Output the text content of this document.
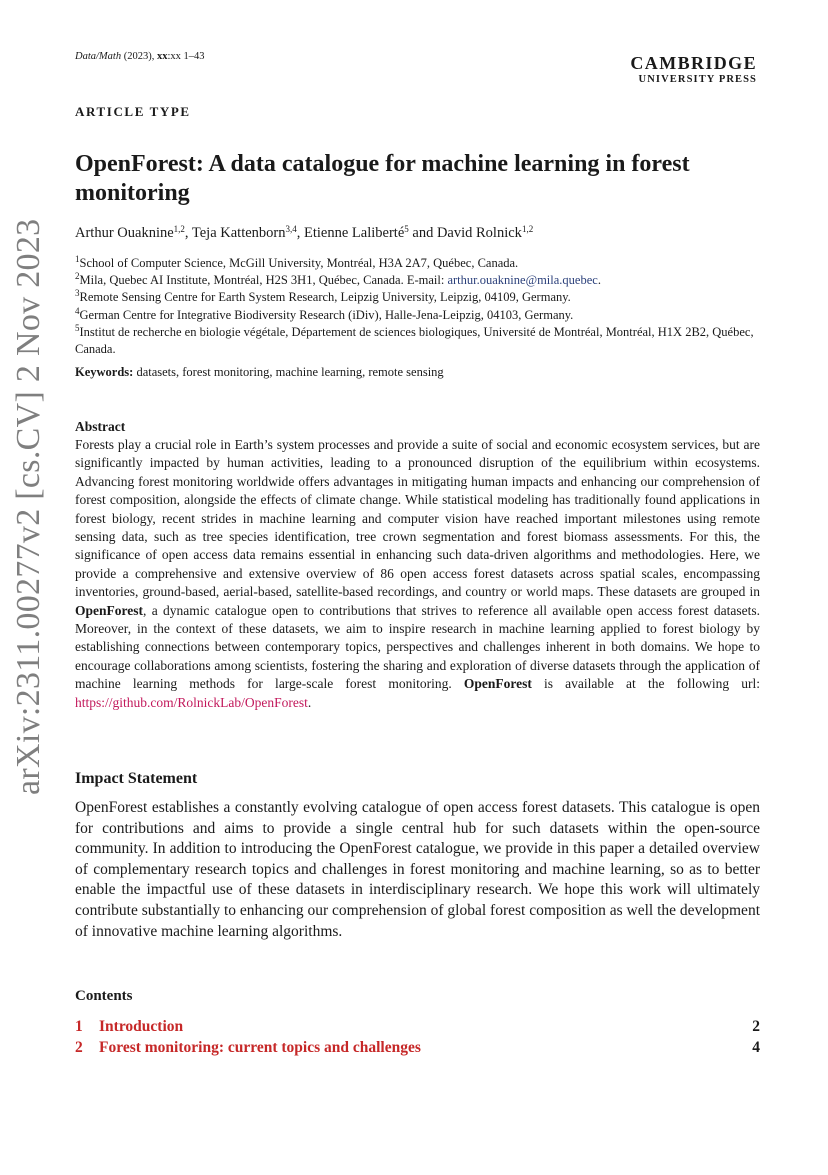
arXiv:2311.00277v2 [cs.CV] 2 Nov 2023
Data/Math (2023), xx:xx 1–43	CAMBRIDGE
UNIVERSITY PRESS
ARTICLE TYPE
OpenForest: A data catalogue for machine learning in forest monitoring
Arthur Ouaknine$^{1,2}$, Teja Kattenborn$^{3,4}$, Etienne Laliberté$^5$ and David Rolnick$^{1,2}$
$^1$School of Computer Science, McGill University, Montréal, H3A 2A7, Québec, Canada.
$^2$Mila, Quebec AI Institute, Montréal, H2S 3H1, Québec, Canada. E-mail: arthur.ouaknine@mila.quebec.
$^3$Remote Sensing Centre for Earth System Research, Leipzig University, Leipzig, 04109, Germany.
$^4$German Centre for Integrative Biodiversity Research (iDiv), Halle-Jena-Leipzig, 04103, Germany.
$^5$Institut de recherche en biologie végétale, Département de sciences biologiques, Université de Montréal, Montréal, H1X 2B2, Québec, Canada.
Keywords: datasets, forest monitoring, machine learning, remote sensing
Abstract
Forests play a crucial role in Earth’s system processes and provide a suite of social and economic ecosystem services, but are significantly impacted by human activities, leading to a pronounced disruption of the equilibrium within ecosystems. Advancing forest monitoring worldwide offers advantages in mitigating human impacts and enhancing our comprehension of forest composition, alongside the effects of climate change. While statistical modeling has traditionally found applications in forest biology, recent strides in machine learning and computer vision have reached important milestones using remote sensing data, such as tree species identification, tree crown segmentation and forest biomass assessments. For this, the significance of open access data remains essential in enhancing such data-driven algorithms and methodologies. Here, we provide a comprehensive and extensive overview of 86 open access forest datasets across spatial scales, encompassing inventories, ground-based, aerial-based, satellite-based recordings, and country or world maps. These datasets are grouped in OpenForest, a dynamic catalogue open to contributions that strives to reference all available open access forest datasets. Moreover, in the context of these datasets, we aim to inspire research in machine learning applied to forest biology by establishing connections between contemporary topics, perspectives and challenges inherent in both domains. We hope to encourage collaborations among scientists, fostering the sharing and exploration of diverse datasets through the application of machine learning methods for large-scale forest monitoring. OpenForest is available at the following url: https://github.com/RolnickLab/OpenForest.
Impact Statement
OpenForest establishes a constantly evolving catalogue of open access forest datasets. This catalogue is open for contributions and aims to provide a single central hub for such datasets within the open-source community. In addition to introducing the OpenForest catalogue, we provide in this paper a detailed overview of complementary research topics and challenges in forest monitoring and machine learning, so as to better enable the impactful use of these datasets in interdisciplinary research. We hope this work will ultimately contribute substantially to enhancing our comprehension of global forest composition as well the development of innovative machine learning algorithms.
Contents
1 Introduction	2
2 Forest monitoring: current topics and challenges	4
